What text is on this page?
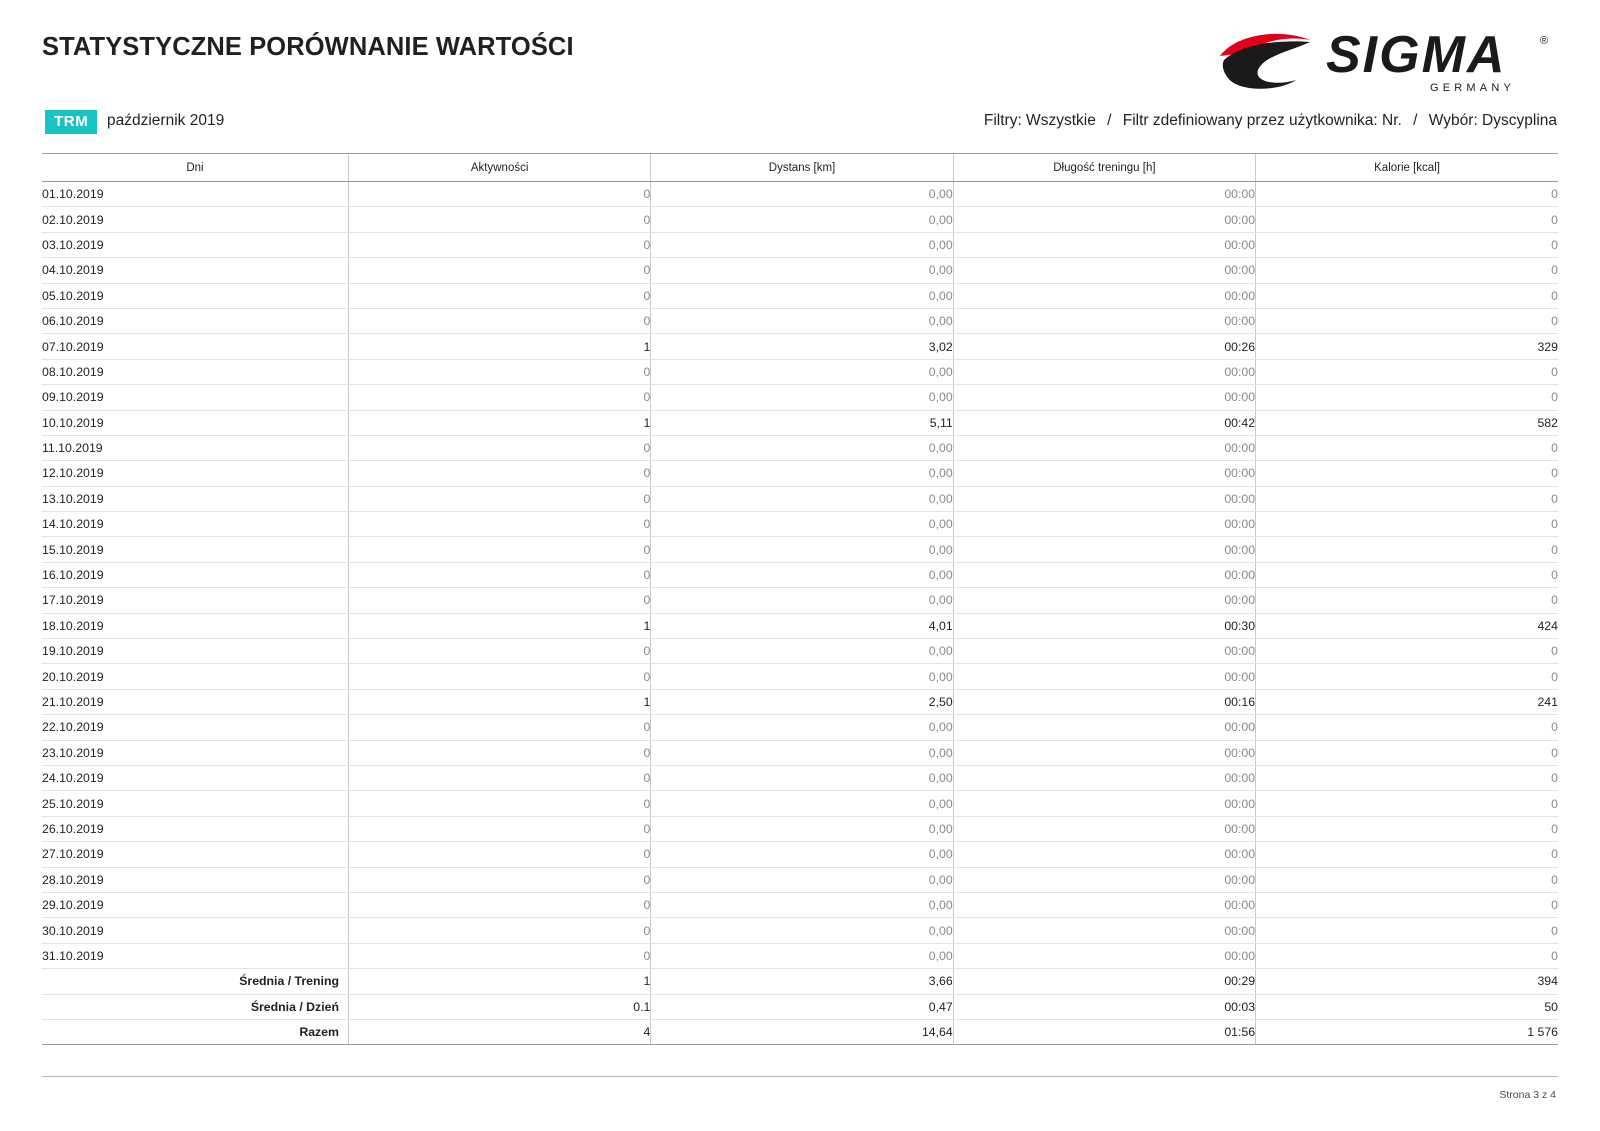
STATYSTYCZNE PORÓWNANIE WARTOŚCI	SIGMA
GERMANY
®
TRM	październik 2019	Filtry: Wszystkie / Filtr zdefiniowany przez użytkownika: Nr. / Wybór: Dyscyplina
Dni	Aktywności	Dystans [km]	Długość treningu [h]	Kalorie [kcal]
01.10.2019	0	0,00	00:00	0
02.10.2019	0	0,00	00:00	0
03.10.2019	0	0,00	00:00	0
04.10.2019	0	0,00	00:00	0
05.10.2019	0	0,00	00:00	0
06.10.2019	0	0,00	00:00	0
07.10.2019	1	3,02	00:26	329
08.10.2019	0	0,00	00:00	0
09.10.2019	0	0,00	00:00	0
10.10.2019	1	5,11	00:42	582
11.10.2019	0	0,00	00:00	0
12.10.2019	0	0,00	00:00	0
13.10.2019	0	0,00	00:00	0
14.10.2019	0	0,00	00:00	0
15.10.2019	0	0,00	00:00	0
16.10.2019	0	0,00	00:00	0
17.10.2019	0	0,00	00:00	0
18.10.2019	1	4,01	00:30	424
19.10.2019	0	0,00	00:00	0
20.10.2019	0	0,00	00:00	0
21.10.2019	1	2,50	00:16	241
22.10.2019	0	0,00	00:00	0
23.10.2019	0	0,00	00:00	0
24.10.2019	0	0,00	00:00	0
25.10.2019	0	0,00	00:00	0
26.10.2019	0	0,00	00:00	0
27.10.2019	0	0,00	00:00	0
28.10.2019	0	0,00	00:00	0
29.10.2019	0	0,00	00:00	0
30.10.2019	0	0,00	00:00	0
31.10.2019	0	0,00	00:00	0
Średnia / Trening	1	3,66	00:29	394
Średnia / Dzień	0.1	0,47	00:03	50
Razem	4	14,64	01:56	1 576
Strona 3 z 4
